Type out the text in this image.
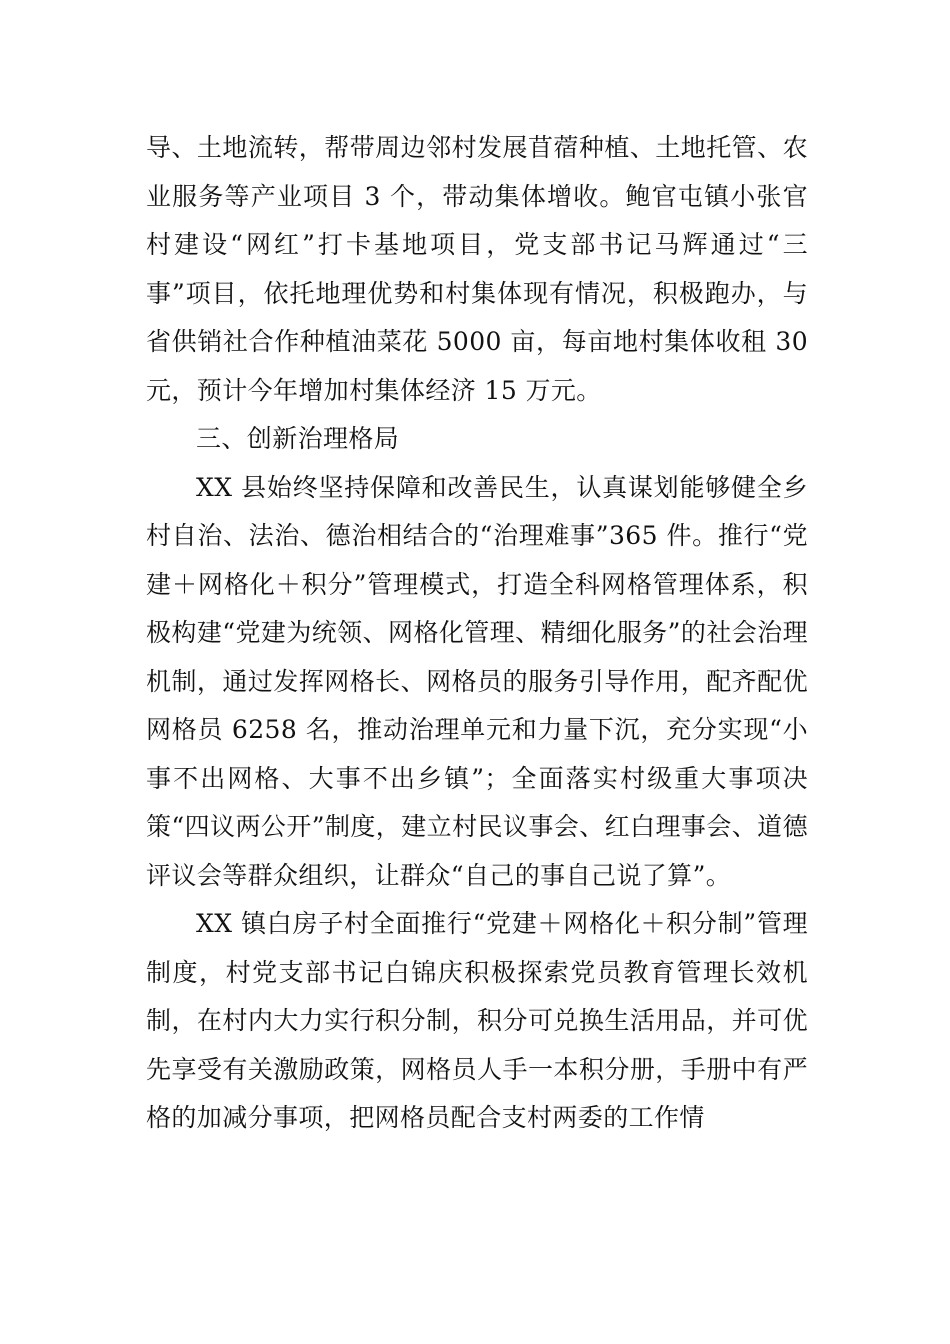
导、土地流转，帮带周边邻村发展苜蓿种植、土地托管、农业服务等产业项目 3 个，带动集体增收。鲍官屯镇小张官村建设“网红”打卡基地项目，党支部书记马辉通过“三事”项目，依托地理优势和村集体现有情况，积极跑办，与省供销社合作种植油菜花 5000 亩，每亩地村集体收租 30 元，预计今年增加村集体经济 15 万元。

三、创新治理格局

XX 县始终坚持保障和改善民生，认真谋划能够健全乡村自治、法治、德治相结合的“治理难事”365 件。推行“党建＋网格化＋积分”管理模式，打造全科网格管理体系，积极构建“党建为统领、网格化管理、精细化服务”的社会治理机制，通过发挥网格长、网格员的服务引导作用，配齐配优网格员 6258 名，推动治理单元和力量下沉，充分实现“小事不出网格、大事不出乡镇”；全面落实村级重大事项决策“四议两公开”制度，建立村民议事会、红白理事会、道德评议会等群众组织，让群众“自己的事自己说了算”。

XX 镇白房子村全面推行“党建＋网格化＋积分制”管理制度，村党支部书记白锦庆积极探索党员教育管理长效机制，在村内大力实行积分制，积分可兑换生活用品，并可优先享受有关激励政策，网格员人手一本积分册，手册中有严格的加减分事项，把网格员配合支村两委的工作情
